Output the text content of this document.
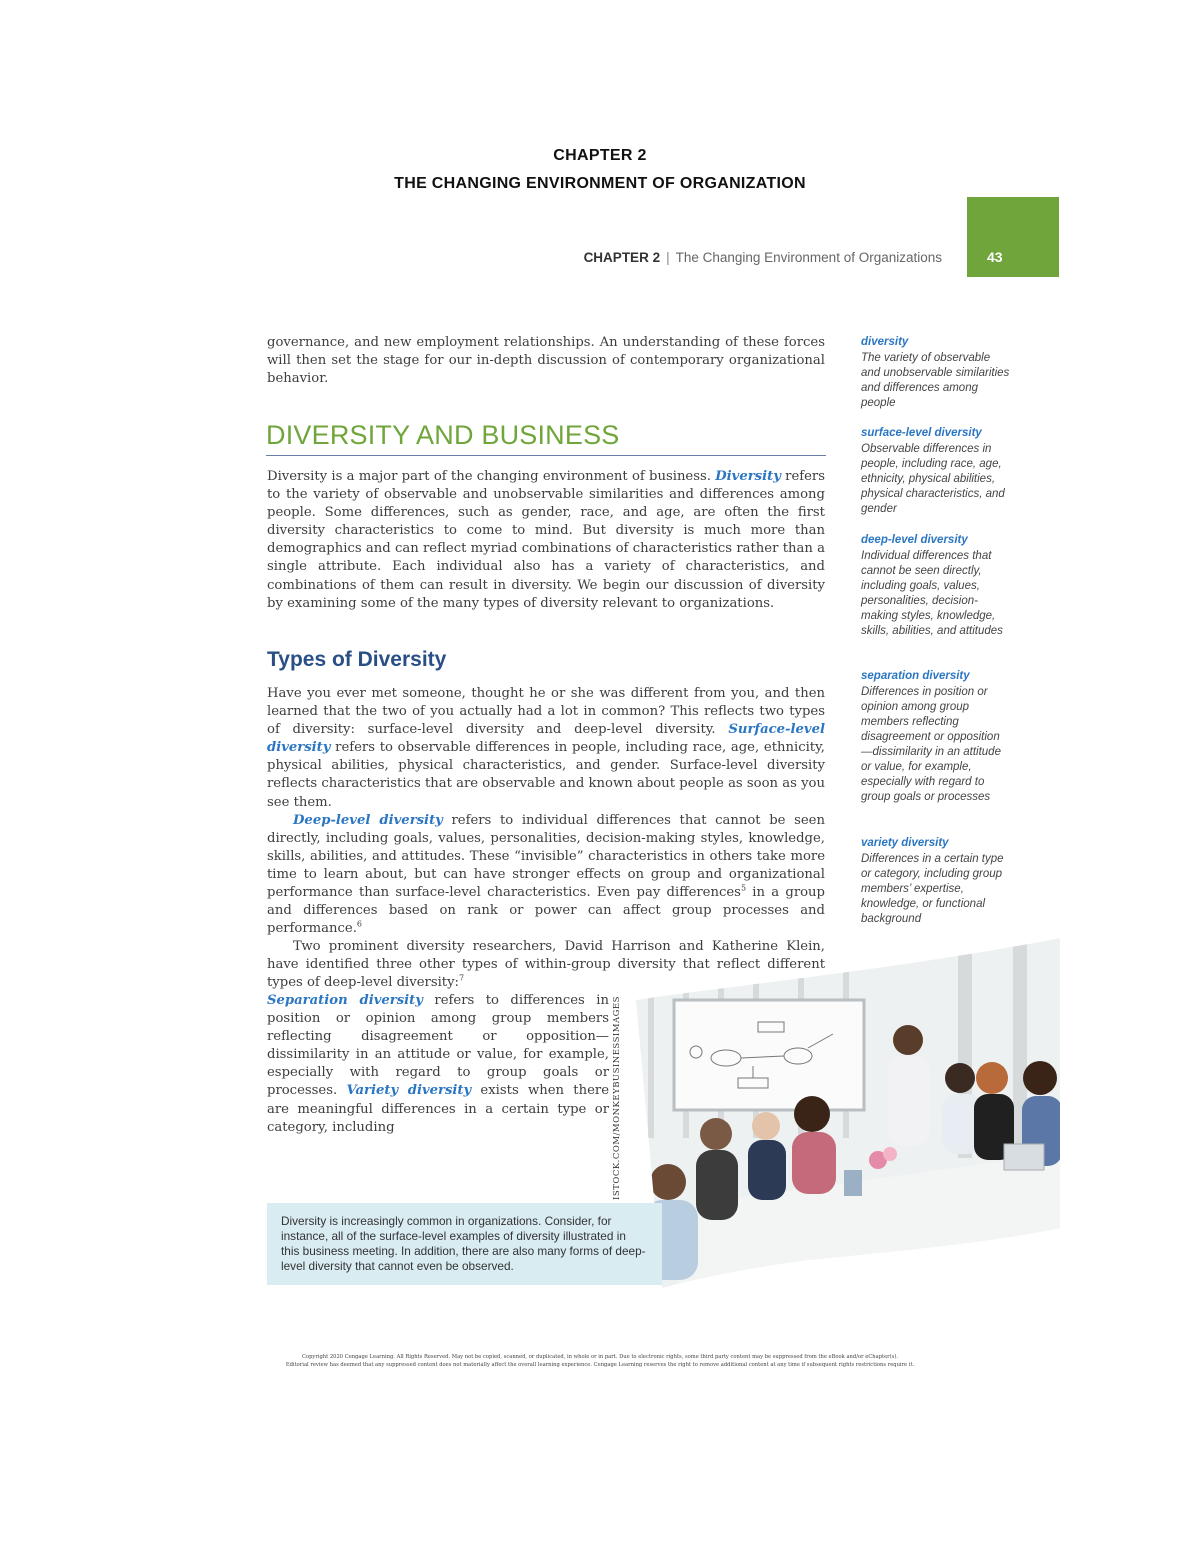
CHAPTER 2
THE CHANGING ENVIRONMENT OF ORGANIZATION
CHAPTER 2 | The Changing Environment of Organizations	43

governance, and new employment relationships. An understanding of these forces will then set the stage for our in-depth discussion of contemporary organizational behavior.

DIVERSITY AND BUSINESS

Diversity is a major part of the changing environment of business. Diversity refers to the variety of observable and unobservable similarities and differences among people. Some differences, such as gender, race, and age, are often the first diversity characteristics to come to mind. But diversity is much more than demographics and can reflect myriad combinations of characteristics rather than a single attribute. Each individual also has a variety of characteristics, and combinations of them can result in diversity. We begin our discussion of diversity by examining some of the many types of diversity relevant to organizations.

Types of Diversity

Have you ever met someone, thought he or she was different from you, and then learned that the two of you actually had a lot in common? This reflects two types of diversity: surface-level diversity and deep-level diversity. Surface-level diversity refers to observable differences in people, including race, age, ethnicity, physical abilities, physical characteristics, and gender. Surface-level diversity reflects characteristics that are observable and known about people as soon as you see them.

Deep-level diversity refers to individual differences that cannot be seen directly, including goals, values, personalities, decision-making styles, knowledge, skills, abilities, and attitudes. These “invisible” characteristics in others take more time to learn about, but can have stronger effects on group and organizational performance than surface-level characteristics. Even pay differences$^5$ in a group and differences based on rank or power can affect group processes and performance.$^6$

Two prominent diversity researchers, David Harrison and Katherine Klein, have identified three other types of within-group diversity that reflect different types of deep-level diversity:$^7$

Separation diversity refers to differences in position or opinion among group members reflecting disagreement or opposition—dissimilarity in an attitude or value, for example, especially with regard to group goals or processes. Variety diversity exists when there are meaningful differences in a certain type or category, including

diversity
The variety of observable and unobservable similarities and differences among people
surface-level diversity
Observable differences in people, including race, age, ethnicity, physical abilities, physical characteristics, and gender
deep-level diversity
Individual differences that cannot be seen directly, including goals, values, personalities, decision-making styles, knowledge, skills, abilities, and attitudes
separation diversity
Differences in position or opinion among group members reflecting disagreement or opposition—dissimilarity in an attitude or value, for example, especially with regard to group goals or processes
variety diversity
Differences in a certain type or category, including group members’ expertise, knowledge, or functional background
ISTOCK.COM/MONKEYBUSINESSIMAGES
Diversity is increasingly common in organizations. Consider, for instance, all of the surface-level examples of diversity illustrated in this business meeting. In addition, there are also many forms of deep-level diversity that cannot even be observed.
Copyright 2020 Cengage Learning. All Rights Reserved. May not be copied, scanned, or duplicated, in whole or in part. Due to electronic rights, some third party content may be suppressed from the eBook and/or eChapter(s).
Editorial review has deemed that any suppressed content does not materially affect the overall learning experience. Cengage Learning reserves the right to remove additional content at any time if subsequent rights restrictions require it.
